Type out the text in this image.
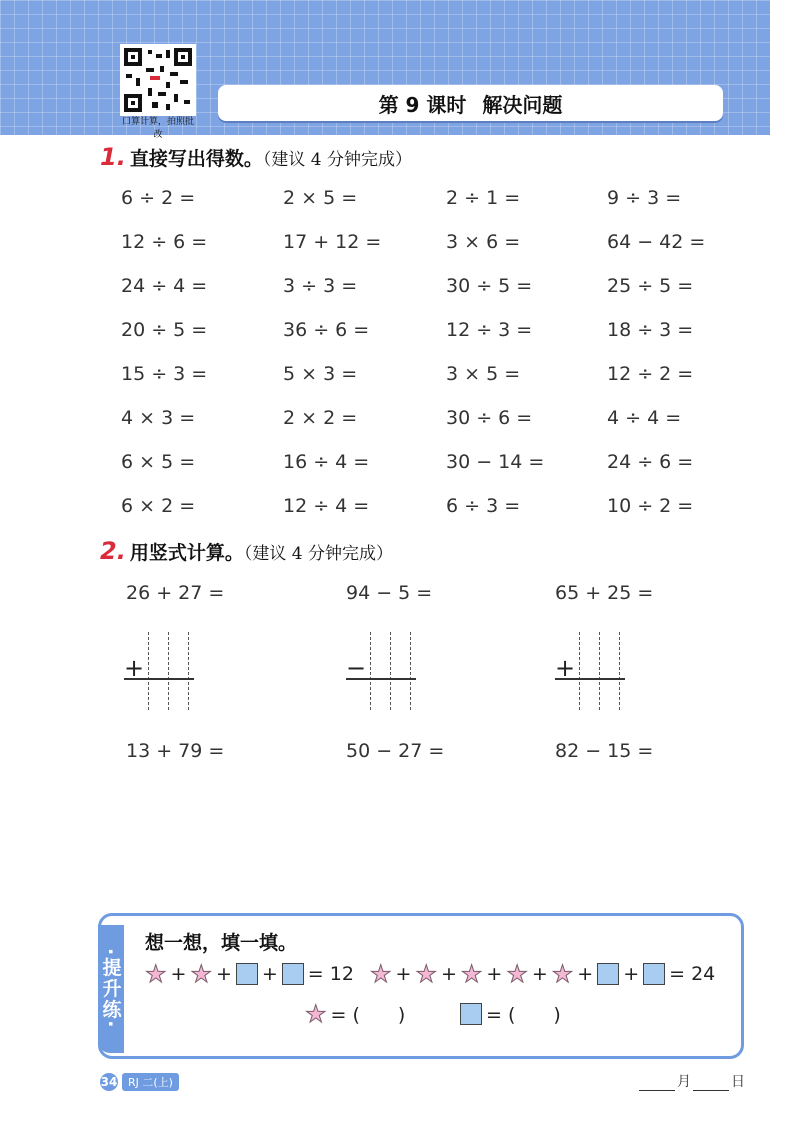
口算计算，拍照批改
第 9 课时 解决问题
1. 直接写出得数。（建议 4 分钟完成）
6 ÷ 2 =	2 × 5 =	2 ÷ 1 =	9 ÷ 3 =
12 ÷ 6 =	17 + 12 =	3 × 6 =	64 − 42 =
24 ÷ 4 =	3 ÷ 3 =	30 ÷ 5 =	25 ÷ 5 =
20 ÷ 5 =	36 ÷ 6 =	12 ÷ 3 =	18 ÷ 3 =
15 ÷ 3 =	5 × 3 =	3 × 5 =	12 ÷ 2 =
4 × 3 =	2 × 2 =	30 ÷ 6 =	4 ÷ 4 =
6 × 5 =	16 ÷ 4 =	30 − 14 =	24 ÷ 6 =
6 × 2 =	12 ÷ 4 =	6 ÷ 3 =	10 ÷ 2 =
2. 用竖式计算。（建议 4 分钟完成）
26 + 27 =	94 − 5 =	65 + 25 =
+	−	+
13 + 79 =	50 − 27 =	82 − 15 =
·提升练·
想一想，填一填。
★ + ★ + + = 12 ★ + ★ + ★ + ★ + ★ + + = 24
★ = (　　)	= (　　)
34 RJ 二(上)	月	日
